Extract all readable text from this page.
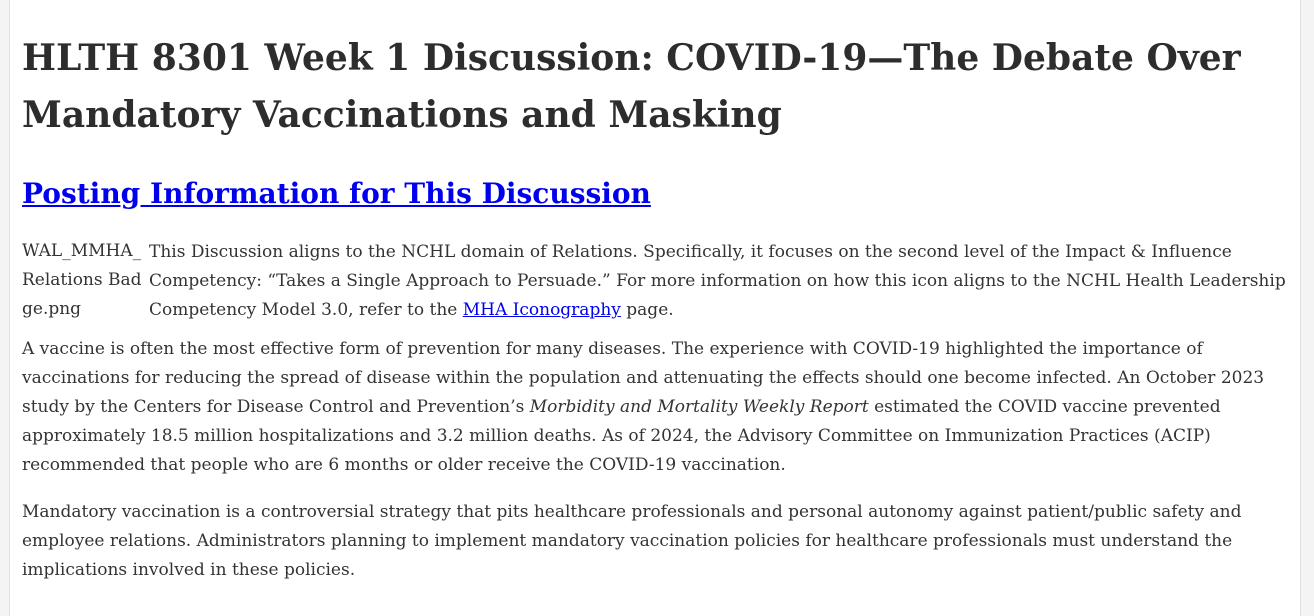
HLTH 8301 Week 1 Discussion: COVID-19—The Debate Over Mandatory Vaccinations and Masking
Posting Information for This Discussion
WAL_MMHA_Relations Badge.png
This Discussion aligns to the NCHL domain of Relations. Specifically, it focuses on the second level of the Impact & Influence Competency: “Takes a Single Approach to Persuade.” For more information on how this icon aligns to the NCHL Health Leadership Competency Model 3.0, refer to the MHA Iconography page.

A vaccine is often the most effective form of prevention for many diseases. The experience with COVID-19 highlighted the importance of vaccinations for reducing the spread of disease within the population and attenuating the effects should one become infected. An October 2023 study by the Centers for Disease Control and Prevention’s Morbidity and Mortality Weekly Report estimated the COVID vaccine prevented approximately 18.5 million hospitalizations and 3.2 million deaths. As of 2024, the Advisory Committee on Immunization Practices (ACIP) recommended that people who are 6 months or older receive the COVID-19 vaccination.

Mandatory vaccination is a controversial strategy that pits healthcare professionals and personal autonomy against patient/public safety and employee relations. Administrators planning to implement mandatory vaccination policies for healthcare professionals must understand the implications involved in these policies.
